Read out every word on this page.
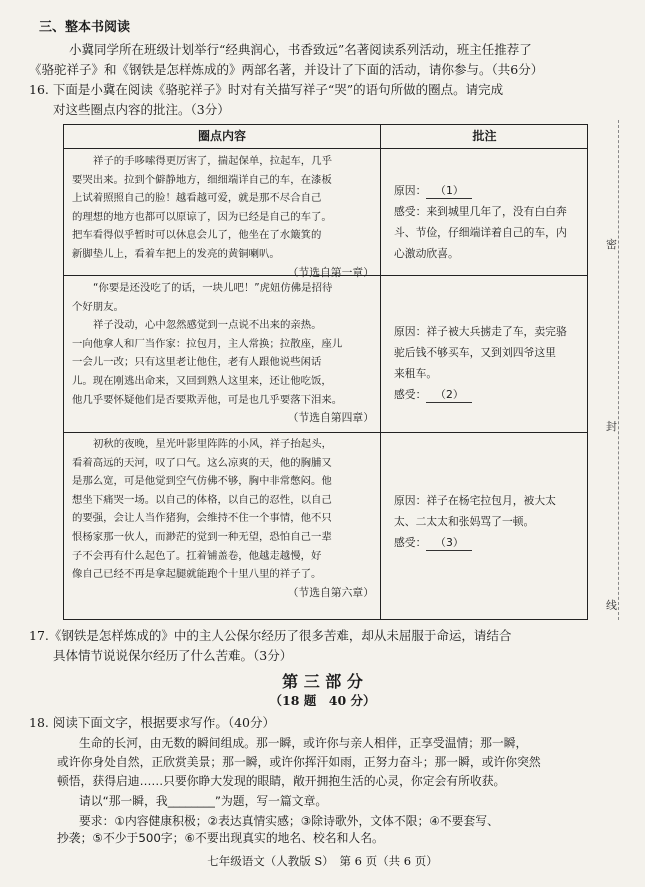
三、整本书阅读
小冀同学所在班级计划举行“经典润心，书香致远”名著阅读系列活动，班主任推荐了
《骆驼祥子》和《钢铁是怎样炼成的》两部名著，并设计了下面的活动，请你参与。（共6分）
16. 下面是小冀在阅读《骆驼祥子》时对有关描写祥子“哭”的语句所做的圈点。请完成
对这些圈点内容的批注。（3分）
圈点内容	批注

祥子的手哆嗦得更厉害了，揣起保单，拉起车，几乎

要哭出来。拉到个僻静地方，细细端详自己的车，在漆板

上试着照照自己的脸！越看越可爱，就是那不尽合自己

的理想的地方也都可以原谅了，因为已经是自己的车了。

把车看得似乎暂时可以休息会儿了，他坐在了水簸箕的

新脚垫儿上，看着车把上的发亮的黄铜喇叭。

（节选自第一章）

原因： （1）

感受：来到城里几年了，没有白白奔

斗、节俭，仔细端详着自己的车，内

心激动欣喜。

“你要是还没吃了的话，一块儿吧！”虎妞仿佛是招待

个好朋友。

祥子没动，心中忽然感觉到一点说不出来的亲热。

一向他拿人和厂当作家：拉包月，主人常换；拉散座，座儿

一会儿一改；只有这里老让他住，老有人跟他说些闲话

儿。现在刚逃出命来，又回到熟人这里来，还让他吃饭，

他几乎要怀疑他们是否要欺弄他，可是也几乎要落下泪来。

（节选自第四章）

原因：祥子被大兵掳走了车，卖完骆

驼后钱不够买车，又到刘四爷这里

来租车。

感受： （2）

初秋的夜晚，星光叶影里阵阵的小风，祥子抬起头，

看着高远的天河，叹了口气。这么凉爽的天，他的胸脯又

是那么宽，可是他觉到空气仿佛不够，胸中非常憋闷。他

想坐下痛哭一场。以自己的体格，以自己的忍性，以自己

的要强，会让人当作猪狗，会维持不住一个事情，他不只

恨杨家那一伙人，而渺茫的觉到一种无望，恐怕自己一辈

子不会再有什么起色了。扛着铺盖卷，他越走越慢，好

像自己已经不再是拿起腿就能跑个十里八里的祥子了。

（节选自第六章）

原因：祥子在杨宅拉包月，被大太

太、二太太和张妈骂了一顿。

感受： （3）

密
封
线
17.《钢铁是怎样炼成的》中的主人公保尔经历了很多苦难，却从未屈服于命运，请结合
具体情节说说保尔经历了什么苦难。（3分）
第 三 部 分
（18 题　40 分）
18. 阅读下面文字，根据要求写作。（40分）
生命的长河，由无数的瞬间组成。那一瞬，或许你与亲人相伴，正享受温情；那一瞬，
或许你身处自然，正欣赏美景；那一瞬，或许你挥汗如雨，正努力奋斗；那一瞬，或许你突然
顿悟，获得启迪……只要你睁大发现的眼睛，敞开拥抱生活的心灵，你定会有所收获。
请以“那一瞬，我________”为题，写一篇文章。
要求：①内容健康积极；②表达真情实感；③除诗歌外，文体不限；④不要套写、
抄袭；⑤不少于500字；⑥不要出现真实的地名、校名和人名。
七年级语文（人教版 S）　第 6 页（共 6 页）
